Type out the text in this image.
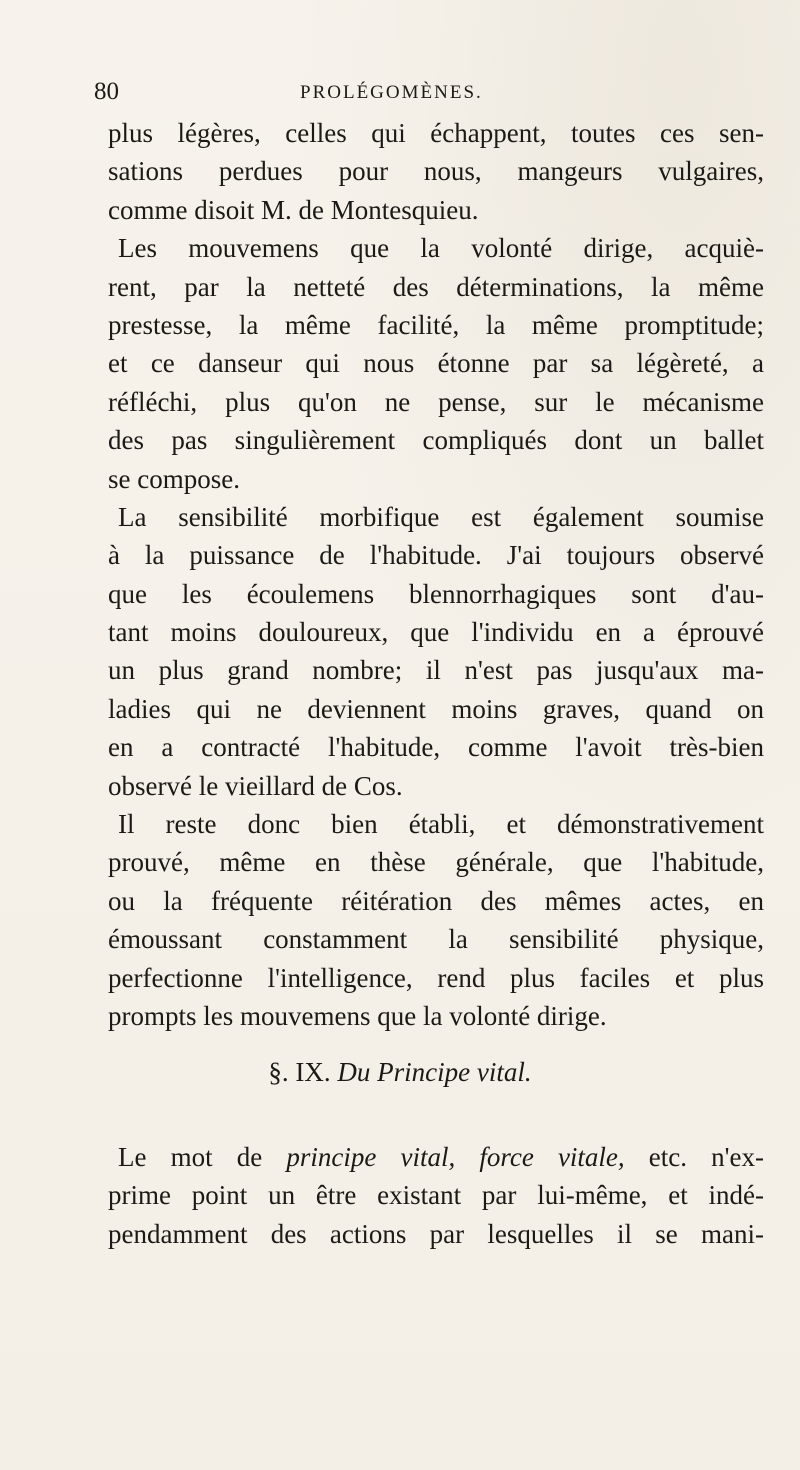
80	PROLÉGOMÈNES.
plus légères, celles qui échappent, toutes ces sen-
sations perdues pour nous, mangeurs vulgaires,
comme disoit M. de Montesquieu.
Les mouvemens que la volonté dirige, acquiè-
rent, par la netteté des déterminations, la même
prestesse, la même facilité, la même promptitude;
et ce danseur qui nous étonne par sa légèreté, a
réfléchi, plus qu'on ne pense, sur le mécanisme
des pas singulièrement compliqués dont un ballet
se compose.
La sensibilité morbifique est également soumise
à la puissance de l'habitude. J'ai toujours observé
que les écoulemens blennorrhagiques sont d'au-
tant moins douloureux, que l'individu en a éprouvé
un plus grand nombre; il n'est pas jusqu'aux ma-
ladies qui ne deviennent moins graves, quand on
en a contracté l'habitude, comme l'avoit très-bien
observé le vieillard de Cos.
Il reste donc bien établi, et démonstrativement
prouvé, même en thèse générale, que l'habitude,
ou la fréquente réitération des mêmes actes, en
émoussant constamment la sensibilité physique,
perfectionne l'intelligence, rend plus faciles et plus
prompts les mouvemens que la volonté dirige.
§. IX. Du Principe vital.
Le mot de principe vital, force vitale, etc. n'ex-
prime point un être existant par lui-même, et indé-
pendamment des actions par lesquelles il se mani-
